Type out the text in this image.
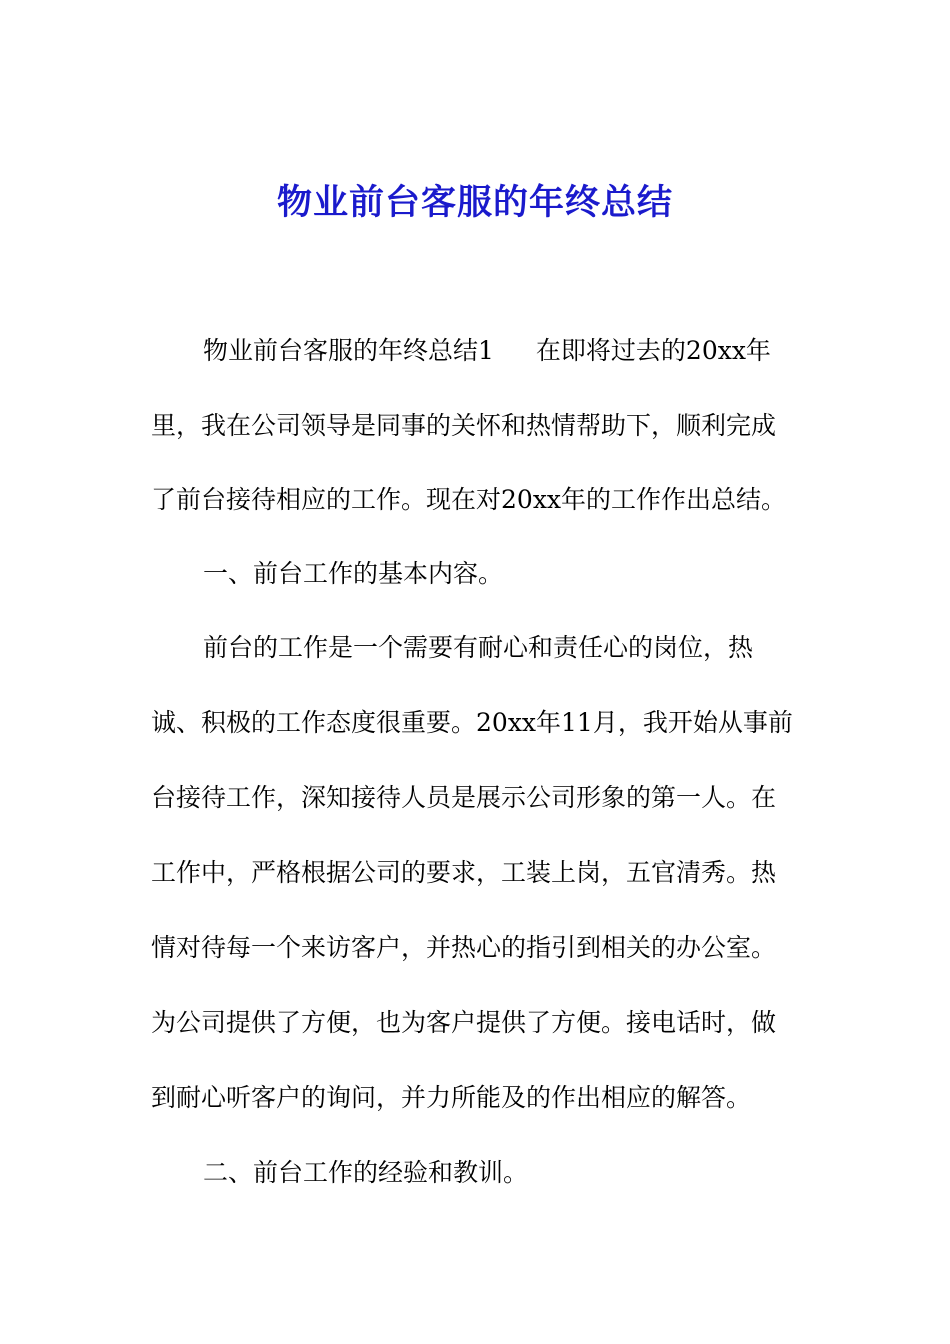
物业前台客服的年终总结
物业前台客服的年终总结1 在即将过去的20xx年
里，我在公司领导是同事的关怀和热情帮助下，顺利完成
了前台接待相应的工作。现在对20xx年的工作作出总结。
一、前台工作的基本内容。
前台的工作是一个需要有耐心和责任心的岗位，热
诚、积极的工作态度很重要。20xx年11月，我开始从事前
台接待工作，深知接待人员是展示公司形象的第一人。在
工作中，严格根据公司的要求，工装上岗，五官清秀。热
情对待每一个来访客户，并热心的指引到相关的办公室。
为公司提供了方便，也为客户提供了方便。接电话时，做
到耐心听客户的询问，并力所能及的作出相应的解答。
二、前台工作的经验和教训。
